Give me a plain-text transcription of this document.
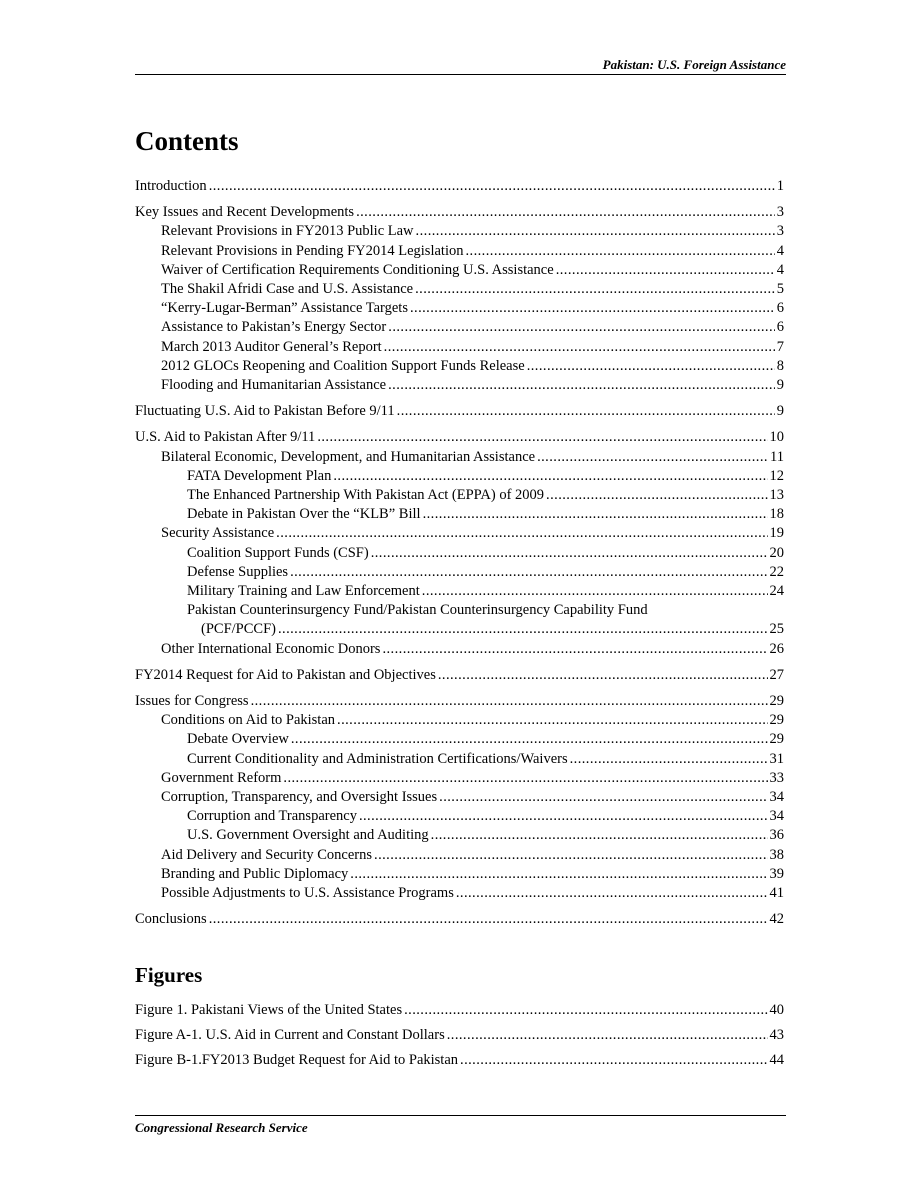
Pakistan: U.S. Foreign Assistance
Contents
Introduction . . .	1
Key Issues and Recent Developments . . .	3
Relevant Provisions in FY2013 Public Law . . .	3
Relevant Provisions in Pending FY2014 Legislation . . .	4
Waiver of Certification Requirements Conditioning U.S. Assistance . . .	4
The Shakil Afridi Case and U.S. Assistance . . .	5
“Kerry-Lugar-Berman” Assistance Targets . . .	6
Assistance to Pakistan’s Energy Sector . . .	6
March 2013 Auditor General’s Report . . .	7
2012 GLOCs Reopening and Coalition Support Funds Release . . .	8
Flooding and Humanitarian Assistance . . .	9
Fluctuating U.S. Aid to Pakistan Before 9/11 . . .	9
U.S. Aid to Pakistan After 9/11 . . .	10
Bilateral Economic, Development, and Humanitarian Assistance . . .	11
FATA Development Plan . . .	12
The Enhanced Partnership With Pakistan Act (EPPA) of 2009 . . .	13
Debate in Pakistan Over the “KLB” Bill . . .	18
Security Assistance . . .	19
Coalition Support Funds (CSF) . . .	20
Defense Supplies . . .	22
Military Training and Law Enforcement . . .	24
Pakistan Counterinsurgency Fund/Pakistan Counterinsurgency Capability Fund
(PCF/PCCF) . . .	25
Other International Economic Donors . . .	26
FY2014 Request for Aid to Pakistan and Objectives . . .	27
Issues for Congress . . .	29
Conditions on Aid to Pakistan . . .	29
Debate Overview . . .	29
Current Conditionality and Administration Certifications/Waivers . . .	31
Government Reform . . .	33
Corruption, Transparency, and Oversight Issues . . .	34
Corruption and Transparency . . .	34
U.S. Government Oversight and Auditing . . .	36
Aid Delivery and Security Concerns . . .	38
Branding and Public Diplomacy . . .	39
Possible Adjustments to U.S. Assistance Programs . . .	41
Conclusions . . .	42
Figures
Figure 1. Pakistani Views of the United States . . .	40
Figure A-1. U.S. Aid in Current and Constant Dollars . . .	43
Figure B-1.FY2013 Budget Request for Aid to Pakistan . . .	44
Congressional Research Service
